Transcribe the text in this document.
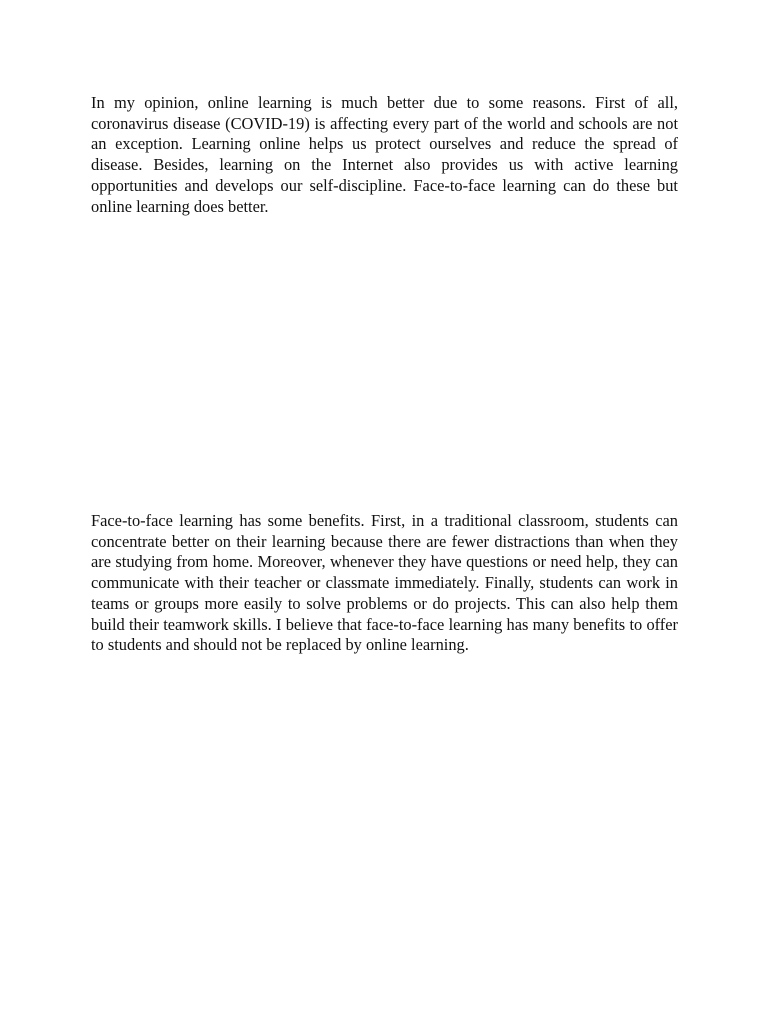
In my opinion, online learning is much better due to some reasons. First of all, coronavirus disease (COVID-19) is affecting every part of the world and schools are not an exception. Learning online helps us protect ourselves and reduce the spread of disease. Besides, learning on the Internet also provides us with active learning opportunities and develops our self-discipline. Face-to-face learning can do these but online learning does better.

Face-to-face learning has some benefits. First, in a traditional classroom, students can concentrate better on their learning because there are fewer distractions than when they are studying from home. Moreover, whenever they have questions or need help, they can communicate with their teacher or classmate immediately. Finally, students can work in teams or groups more easily to solve problems or do projects. This can also help them build their teamwork skills. I believe that face-to-face learning has many benefits to offer to students and should not be replaced by online learning.
